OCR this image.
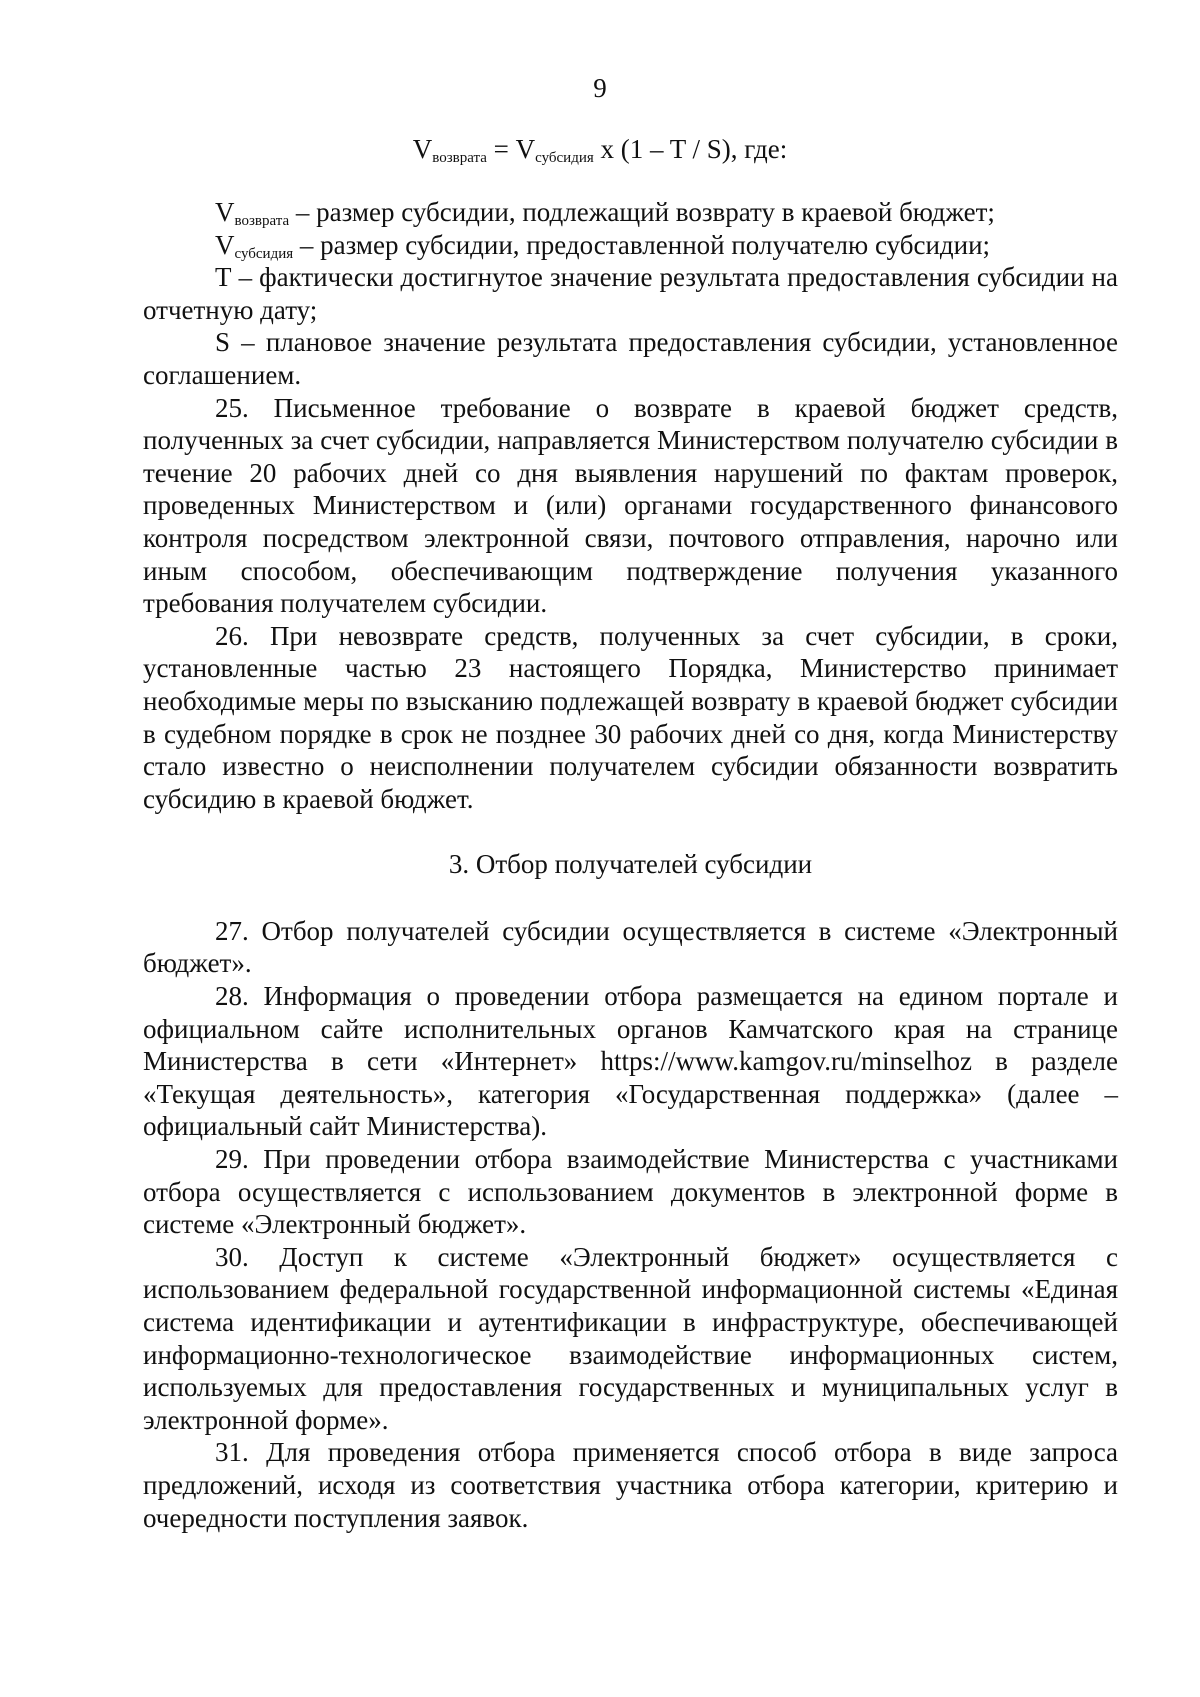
9
$V_{возврата} = V_{субсидия}$ x (1 – T / S), где:

$V_{возврата}$ – размер субсидии, подлежащий возврату в краевой бюджет;

$V_{субсидия}$ – размер субсидии, предоставленной получателю субсидии;

Т – фактически достигнутое значение результата предоставления субсидии на отчетную дату;

S – плановое значение результата предоставления субсидии, установленное соглашением.

25. Письменное требование о возврате в краевой бюджет средств, полученных за счет субсидии, направляется Министерством получателю субсидии в течение 20 рабочих дней со дня выявления нарушений по фактам проверок, проведенных Министерством и (или) органами государственного финансового контроля посредством электронной связи, почтового отправления, нарочно или иным способом, обеспечивающим подтверждение получения указанного требования получателем субсидии.

26. При невозврате средств, полученных за счет субсидии, в сроки, установленные частью 23 настоящего Порядка, Министерство принимает необходимые меры по взысканию подлежащей возврату в краевой бюджет субсидии в судебном порядке в срок не позднее 30 рабочих дней со дня, когда Министерству стало известно о неисполнении получателем субсидии обязанности возвратить субсидию в краевой бюджет.

3. Отбор получателей субсидии

27. Отбор получателей субсидии осуществляется в системе «Электронный бюджет».

28. Информация о проведении отбора размещается на едином портале и официальном сайте исполнительных органов Камчатского края на странице Министерства в сети «Интернет» https://www.kamgov.ru/minselhoz в разделе «Текущая деятельность», категория «Государственная поддержка» (далее – официальный сайт Министерства).

29. При проведении отбора взаимодействие Министерства с участниками отбора осуществляется с использованием документов в электронной форме в системе «Электронный бюджет».

30. Доступ к системе «Электронный бюджет» осуществляется с использованием федеральной государственной информационной системы «Единая система идентификации и аутентификации в инфраструктуре, обеспечивающей информационно-технологическое взаимодействие информационных систем, используемых для предоставления государственных и муниципальных услуг в электронной форме».

31. Для проведения отбора применяется способ отбора в виде запроса предложений, исходя из соответствия участника отбора категории, критерию и очередности поступления заявок.
